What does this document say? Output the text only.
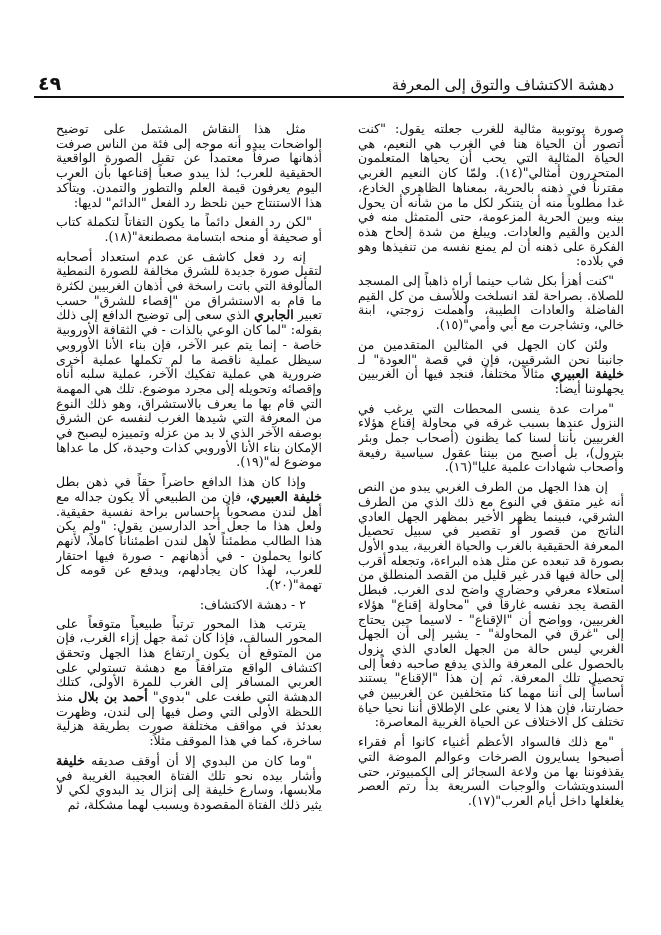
٤٩	دهشة الاكتشاف والتوق إلى المعرفة

صورة يوتوبية مثالية للغرب جعلته يقول: "كنت أتصور أن الحياة هنا في الغرب هي النعيم، هي الحياة المثالية التي يحب أن يحياها المتعلمون المتحررون أمثالي"(١٤). ولمّا كان النعيم الغربي مقترناً في ذهنه بالحرية، بمعناها الظاهري الخادع، غدا مطلوباً منه أن يتنكر لكل ما من شأنه أن يحول بينه وبين الحرية المزعومة، حتى المتمثل منه في الدين والقيم والعادات. ويبلغ من شدة إلحاح هذه الفكرة على ذهنه أن لم يمنع نفسه من تنفيذها وهو في بلاده:

"كنت أهزأ بكل شاب حينما أراه ذاهباً إلى المسجد للصلاة. بصراحة لقد انسلخت وللأسف من كل القيم الفاضلة والعادات الطيبة، وأهملت زوجتي، ابنة خالي، وتشاجرت مع أبي وأمي"(١٥).

ولئن كان الجهل في المثالين المتقدمين من جانبنا نحن الشرقيين، فإن في قصة "العودة" لـ خليفة العبيري مثالاً مختلفاً، فنجد فيها أن الغربيين يجهلوننا أيضاً:

"مرات عدة ينسى المحطات التي يرغب في النزول عندها بسبب غرقه في محاولة إقناع هؤلاء الغربيين بأننا لسنا كما يظنون (أصحاب جمل وبئر بترول)، بل أصبح من بيننا عقول سياسية رفيعة وأصحاب شهادات علمية عليا"(١٦).

إن هذا الجهل من الطرف الغربي يبدو من النص أنه غير متفق في النوع مع ذلك الذي من الطرف الشرقي، فبينما يظهر الأخير بمظهر الجهل العادي الناتج من قصور أو تقصير في سبيل تحصيل المعرفة الحقيقية بالغرب والحياة الغربية، يبدو الأول بصورة قد تبعده عن مثل هذه البراءة، وتجعله أقرب إلى حالة فيها قدر غير قليل من القصد المنطلق من استعلاء معرفي وحضاري واضح لدى الغرب. فبطل القصة يجد نفسه غارقاً في "محاولة إقناع" هؤلاء الغربيين، وواضح أن "الإقناع" - لاسيما حين يحتاج إلى "غرق في المحاولة" - يشير إلى أن الجهل الغربي ليس حالة من الجهل العادي الذي يزول بالحصول على المعرفة والذي يدفع صاحبه دفعاً إلى تحصيل تلك المعرفة. ثم إن هذا "الإقناع" يستند أساساً إلى أننا مهما كنا متخلفين عن الغربيين في حضارتنا، فإن هذا لا يعني على الإطلاق أننا نحيا حياة تختلف كل الاختلاف عن الحياة الغربية المعاصرة:

"مع ذلك فالسواد الأعظم أغنياء كانوا أم فقراء أصبحوا يسايرون الصرخات وعوالم الموضة التي يقذفوننا بها من ولاعة السجائر إلى الكمبيوتر، حتى السندويتشات والوجبات السريعة بدأ رتم العصر يغلغلها داخل أيام العرب"(١٧).

مثل هذا النقاش المشتمل على توضيح الواضحات يبدو أنه موجه إلى فئة من الناس صرفت أذهانها صرفاً معتمداً عن تقبل الصورة الواقعية الحقيقية للعرب؛ لذا يبدو صعباً إقناعها بأن العرب اليوم يعرفون قيمة العلم والتطور والتمدن. ويتأكد هذا الاستنتاج حين نلحظ رد الفعل "الدائم" لديها:

"لكن رد الفعل دائماً ما يكون التفاتاً لتكملة كتاب أو صحيفة أو منحه ابتسامة مصطنعة"(١٨).

إنه رد فعل كاشف عن عدم استعداد أصحابه لتقبل صورة جديدة للشرق مخالفة للصورة النمطية المألوفة التي باتت راسخة في أذهان الغربيين لكثرة ما قام به الاستشراق من "إقصاء للشرق" حسب تعبير الجابري الذي سعى إلى توضيح الدافع إلى ذلك بقوله: "لما كان الوعي بالذات - في الثقافة الأوروبية خاصة - إنما يتم عبر الآخر، فإن بناء الأنا الأوروبي سيظل عملية ناقصة ما لم تكملها عملية أخرى ضرورية هي عملية تفكيك الآخر، عملية سلبه أناه وإقصائه وتحويله إلى مجرد موضوع. تلك هي المهمة التي قام بها ما يعرف بالاستشراق، وهو ذلك النوع من المعرفة التي شيدها الغرب لنفسه عن الشرق بوصفه الآخر الذي لا بد من عزله وتمييزه ليصبح في الإمكان بناء الأنا الأوروبي كذات وحيدة، كل ما عداها موضوع له"(١٩).

وإذا كان هذا الدافع حاضراً حقاً في ذهن بطل خليفة العبيري، فإن من الطبيعي ألا يكون جداله مع أهل لندن مصحوباً بإحساس براحة نفسية حقيقية. ولعل هذا ما جعل أحد الدارسين يقول: "ولم يكن هذا الطالب مطمئناً لأهل لندن اطمئناناً كاملاً، لأنهم كانوا يحملون - في أذهانهم - صورة فيها احتقار للعرب، لهذا كان يجادلهم، ويدفع عن قومه كل تهمة"(٢٠).

٢ - دهشة الاكتشاف:

يترتب هذا المحور ترتباً طبيعياً متوقعاً على المحور السالف، فإذا كان ثمة جهل إزاء الغرب، فإن من المتوقع أن يكون ارتفاع هذا الجهل وتحقق اكتشاف الواقع مترافقاً مع دهشة تستولي على العربي المسافر إلى الغرب للمرة الأولى، كتلك الدهشة التي طغت على "بدوي" أحمد بن بلال منذ اللحظة الأولى التي وصل فيها إلى لندن، وظهرت بعدئذ في مواقف مختلفة صورت بطريقة هزلية ساخرة، كما في هذا الموقف مثلاً:

"وما كان من البدوي إلا أن أوقف صديقه خليفة وأشار بيده نحو تلك الفتاة العجيبة الغريبة في ملابسها، وسارع خليفة إلى إنزال يد البدوي لكي لا يثير ذلك الفتاة المقصودة ويسبب لهما مشكلة، ثم
